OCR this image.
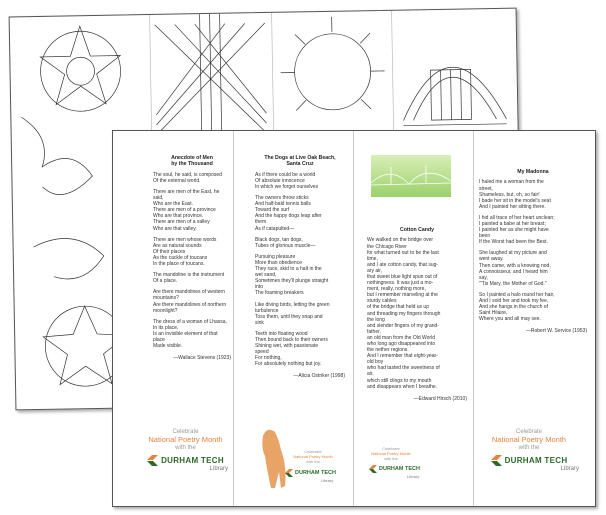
Anecdote of Men
by the Thousand
The soul, he said, is composed
Of the external world.
There are men of the East, he
said,
Who are the East.
There are men of a province
Who are that province.
There are men of a valley
Who are that valley.
There are men whose words
Are as natural sounds
Of their places
As the cackle of toucans
In the place of toucans.
The mandoline is the instrument
Of a place.
Are there mandolines of western
mountains?
Are there mandolines of northern
moonlight?
The dress of a woman of Lhassa,
In its place,
Is an invisible element of that
place
Made visible.
—Wallace Stevens (1923)
The Dogs at Live Oak Beach,
Santa Cruz
As if there could be a world
Of absolute innocence
In which we forget ourselves
The owners throw sticks
And half-bald tennis balls
Toward the surf
And the happy dogs leap after
them
As if catapulted—
Black dogs, tan dogs,
Tubes of glorious muscle—
Pursuing pleasure
More than obedience
They race, skid to a halt in the
wet sand,
Sometimes they'll plunge straight
into
The foaming breakers
Like diving birds, letting the green
turbulence
Toss them, until they snap and
sink
Teeth into floating wood
Then bound back to their owners
Shining wet, with passionate
speed
For nothing,
For absolutely nothing but joy.
—Alicia Ostriker (1998)
Cotton Candy
We walked on the bridge over
the Chicago River
for what turned out to be the last
time,
and I ate cotton candy, that sug-
ary air,
that sweet blue light spun out of
nothingness. It was just a mo-
ment, really, nothing more,
but I remember marveling at the
sturdy cables
of the bridge that held us up
and threading my fingers through
the long
and slender fingers of my grand-
father,
an old man from the Old World
who long ago disappeared into
the nether regions.
And I remember that eight-year-
old boy
who had tasted the sweetness of
air,
which still clings to my mouth
and disappears when I breathe.
—Edward Hirsch (2010)
My Madonna
I haled me a woman from the
street,
Shameless, but, oh, so fair!
I bade her sit in the model's seat
And I painted her sitting there.
I hid all trace of her heart unclean;
I painted a babe at her breast;
I painted her as she might have
been
If the Worst had been the Best.
She laughed at my picture and
went away.
Then came, with a knowing nod,
A connoisseur, and I heard him
say,
"'Tis Mary, the Mother of God."
So I painted a halo round her hair,
And I sold her and took my fee,
And she hangs in the church of
Saint Hilaire,
Where you and all may see.
—Robert W. Service (1953)
Celebrate
National Poetry Month
with the
DURHAM TECH
Library
Celebrate
National Poetry Month
with the
DURHAM TECH
Library
Celebrate
National Poetry Month
with the
DURHAM TECH
Library
Celebrate
National Poetry Month
with the
DURHAM TECH
Library
